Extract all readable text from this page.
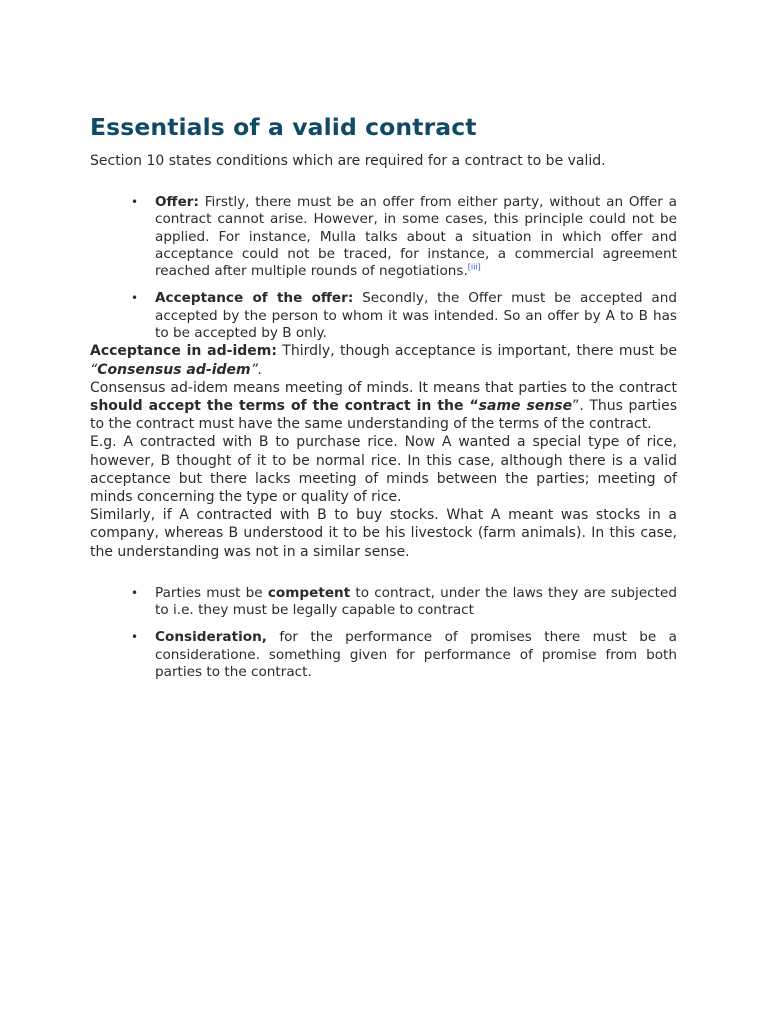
Essentials of a valid contract

Section 10 states conditions which are required for a contract to be valid.

• Offer: Firstly, there must be an offer from either party, without an Offer a contract cannot arise. However, in some cases, this principle could not be applied. For instance, Mulla talks about a situation in which offer and acceptance could not be traced, for instance, a commercial agreement reached after multiple rounds of negotiations.[iii]
• Acceptance of the offer: Secondly, the Offer must be accepted and accepted by the person to whom it was intended. So an offer by A to B has to be accepted by B only.

Acceptance in ad-idem: Thirdly, though acceptance is important, there must be “Consensus ad-idem”.

Consensus ad-idem means meeting of minds. It means that parties to the contract should accept the terms of the contract in the “same sense”. Thus parties to the contract must have the same understanding of the terms of the contract.

E.g. A contracted with B to purchase rice. Now A wanted a special type of rice, however, B thought of it to be normal rice. In this case, although there is a valid acceptance but there lacks meeting of minds between the parties; meeting of minds concerning the type or quality of rice.

Similarly, if A contracted with B to buy stocks. What A meant was stocks in a company, whereas B understood it to be his livestock (farm animals). In this case, the understanding was not in a similar sense.

• Parties must be competent to contract, under the laws they are subjected to i.e. they must be legally capable to contract
• Consideration, for the performance of promises there must be a consideratione. something given for performance of promise from both parties to the contract.
